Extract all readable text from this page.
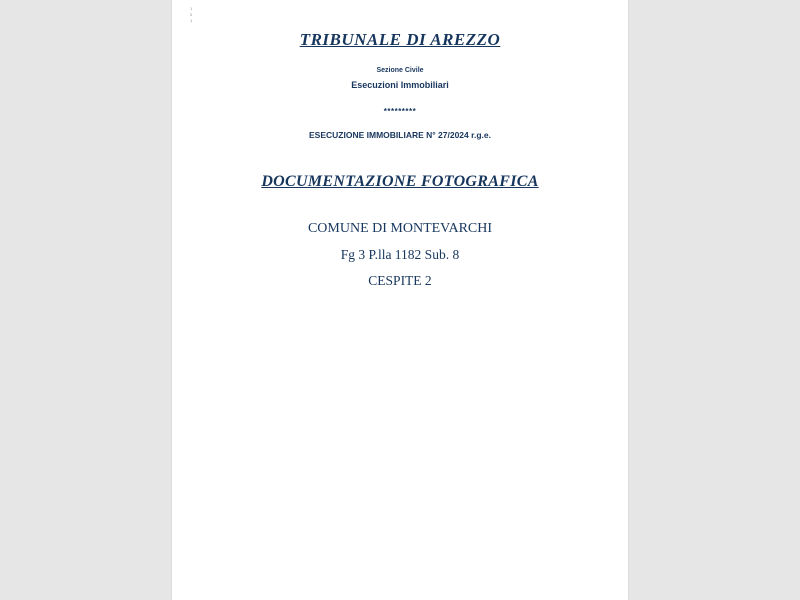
1
0
1
TRIBUNALE DI AREZZO
Sezione Civile
Esecuzioni Immobiliari
*********
ESECUZIONE IMMOBILIARE N° 27/2024 r.g.e.
DOCUMENTAZIONE FOTOGRAFICA
COMUNE DI MONTEVARCHI
Fg 3 P.lla 1182 Sub. 8
CESPITE 2
